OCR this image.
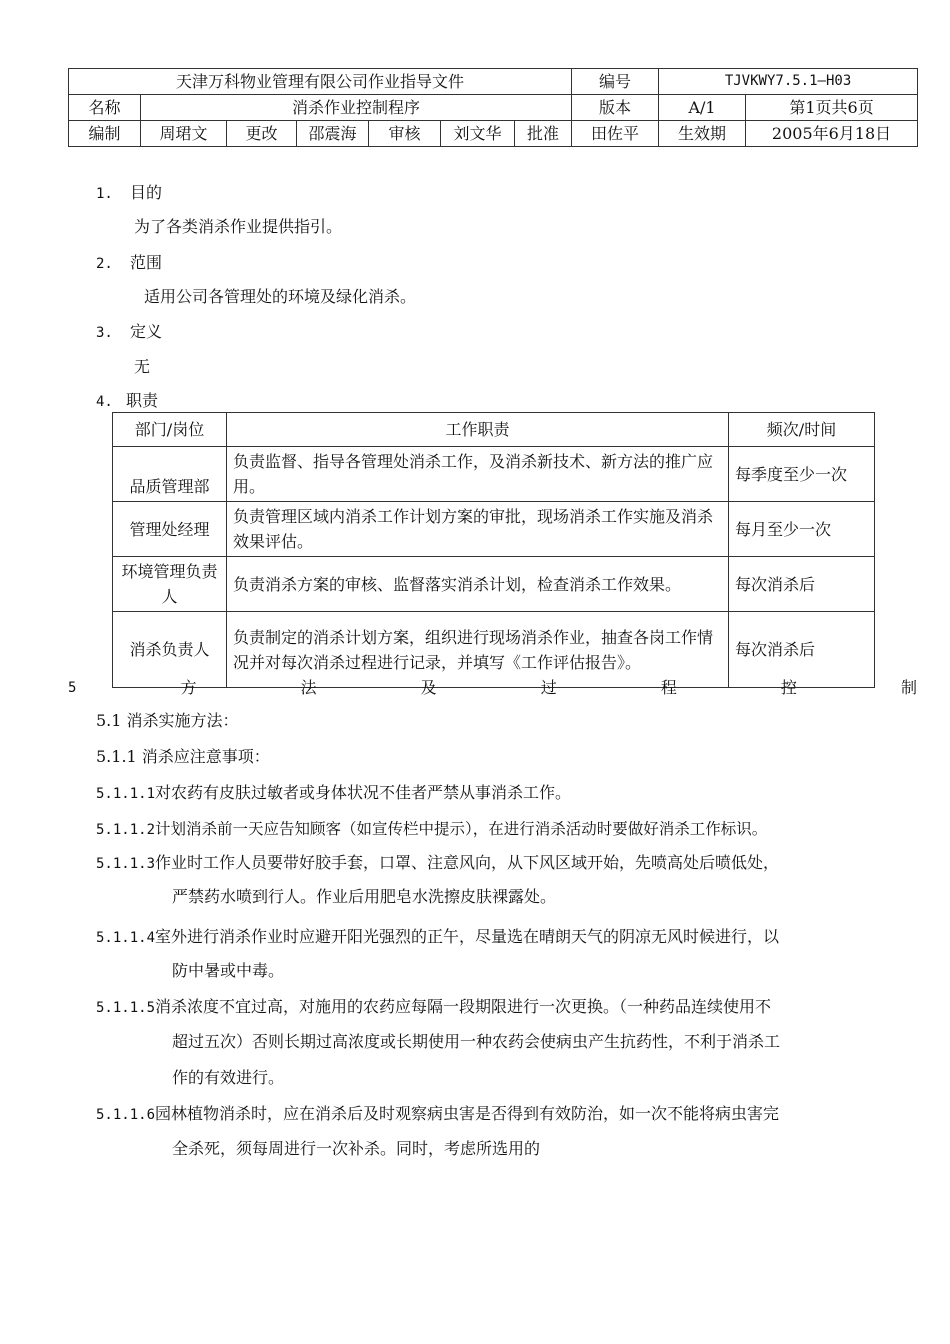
天津万科物业管理有限公司作业指导文件							编号	TJVKWY7.5.1—H03	
名称	消杀作业控制程序						版本	A/1	第1页共6页
编制	周珺文	更改	邵震海	审核	刘文华	批准	田佐平	生效期	2005年6月18日
1. 目的
为了各类消杀作业提供指引。
2. 范围
适用公司各管理处的环境及绿化消杀。
3. 定义
无
4. 职责
部门/岗位	工作职责	频次/时间
品质管理部	负责监督、指导各管理处消杀工作，及消杀新技术、新方法的推广应用。	每季度至少一次
管理处经理	负责管理区域内消杀工作计划方案的审批，现场消杀工作实施及消杀效果评估。	每月至少一次
环境管理负责人	负责消杀方案的审核、监督落实消杀计划，检查消杀工作效果。	每次消杀后
消杀负责人	负责制定的消杀计划方案，组织进行现场消杀作业，抽查各岗工作情况并对每次消杀过程进行记录，并填写《工作评估报告》。	每次消杀后
5	方	法	及	过	程	控	制
5.1 消杀实施方法：
5.1.1 消杀应注意事项：
5.1.1.1对农药有皮肤过敏者或身体状况不佳者严禁从事消杀工作。
5.1.1.2计划消杀前一天应告知顾客（如宣传栏中提示），在进行消杀活动时要做好消杀工作标识。
5.1.1.3作业时工作人员要带好胶手套，口罩、注意风向，从下风区域开始，先喷高处后喷低处，
严禁药水喷到行人。作业后用肥皂水洗擦皮肤裸露处。
5.1.1.4室外进行消杀作业时应避开阳光强烈的正午，尽量选在晴朗天气的阴凉无风时候进行，以
防中暑或中毒。
5.1.1.5消杀浓度不宜过高，对施用的农药应每隔一段期限进行一次更换。（一种药品连续使用不
超过五次）否则长期过高浓度或长期使用一种农药会使病虫产生抗药性，不利于消杀工
作的有效进行。
5.1.1.6园林植物消杀时，应在消杀后及时观察病虫害是否得到有效防治，如一次不能将病虫害完
全杀死，须每周进行一次补杀。同时，考虑所选用的
